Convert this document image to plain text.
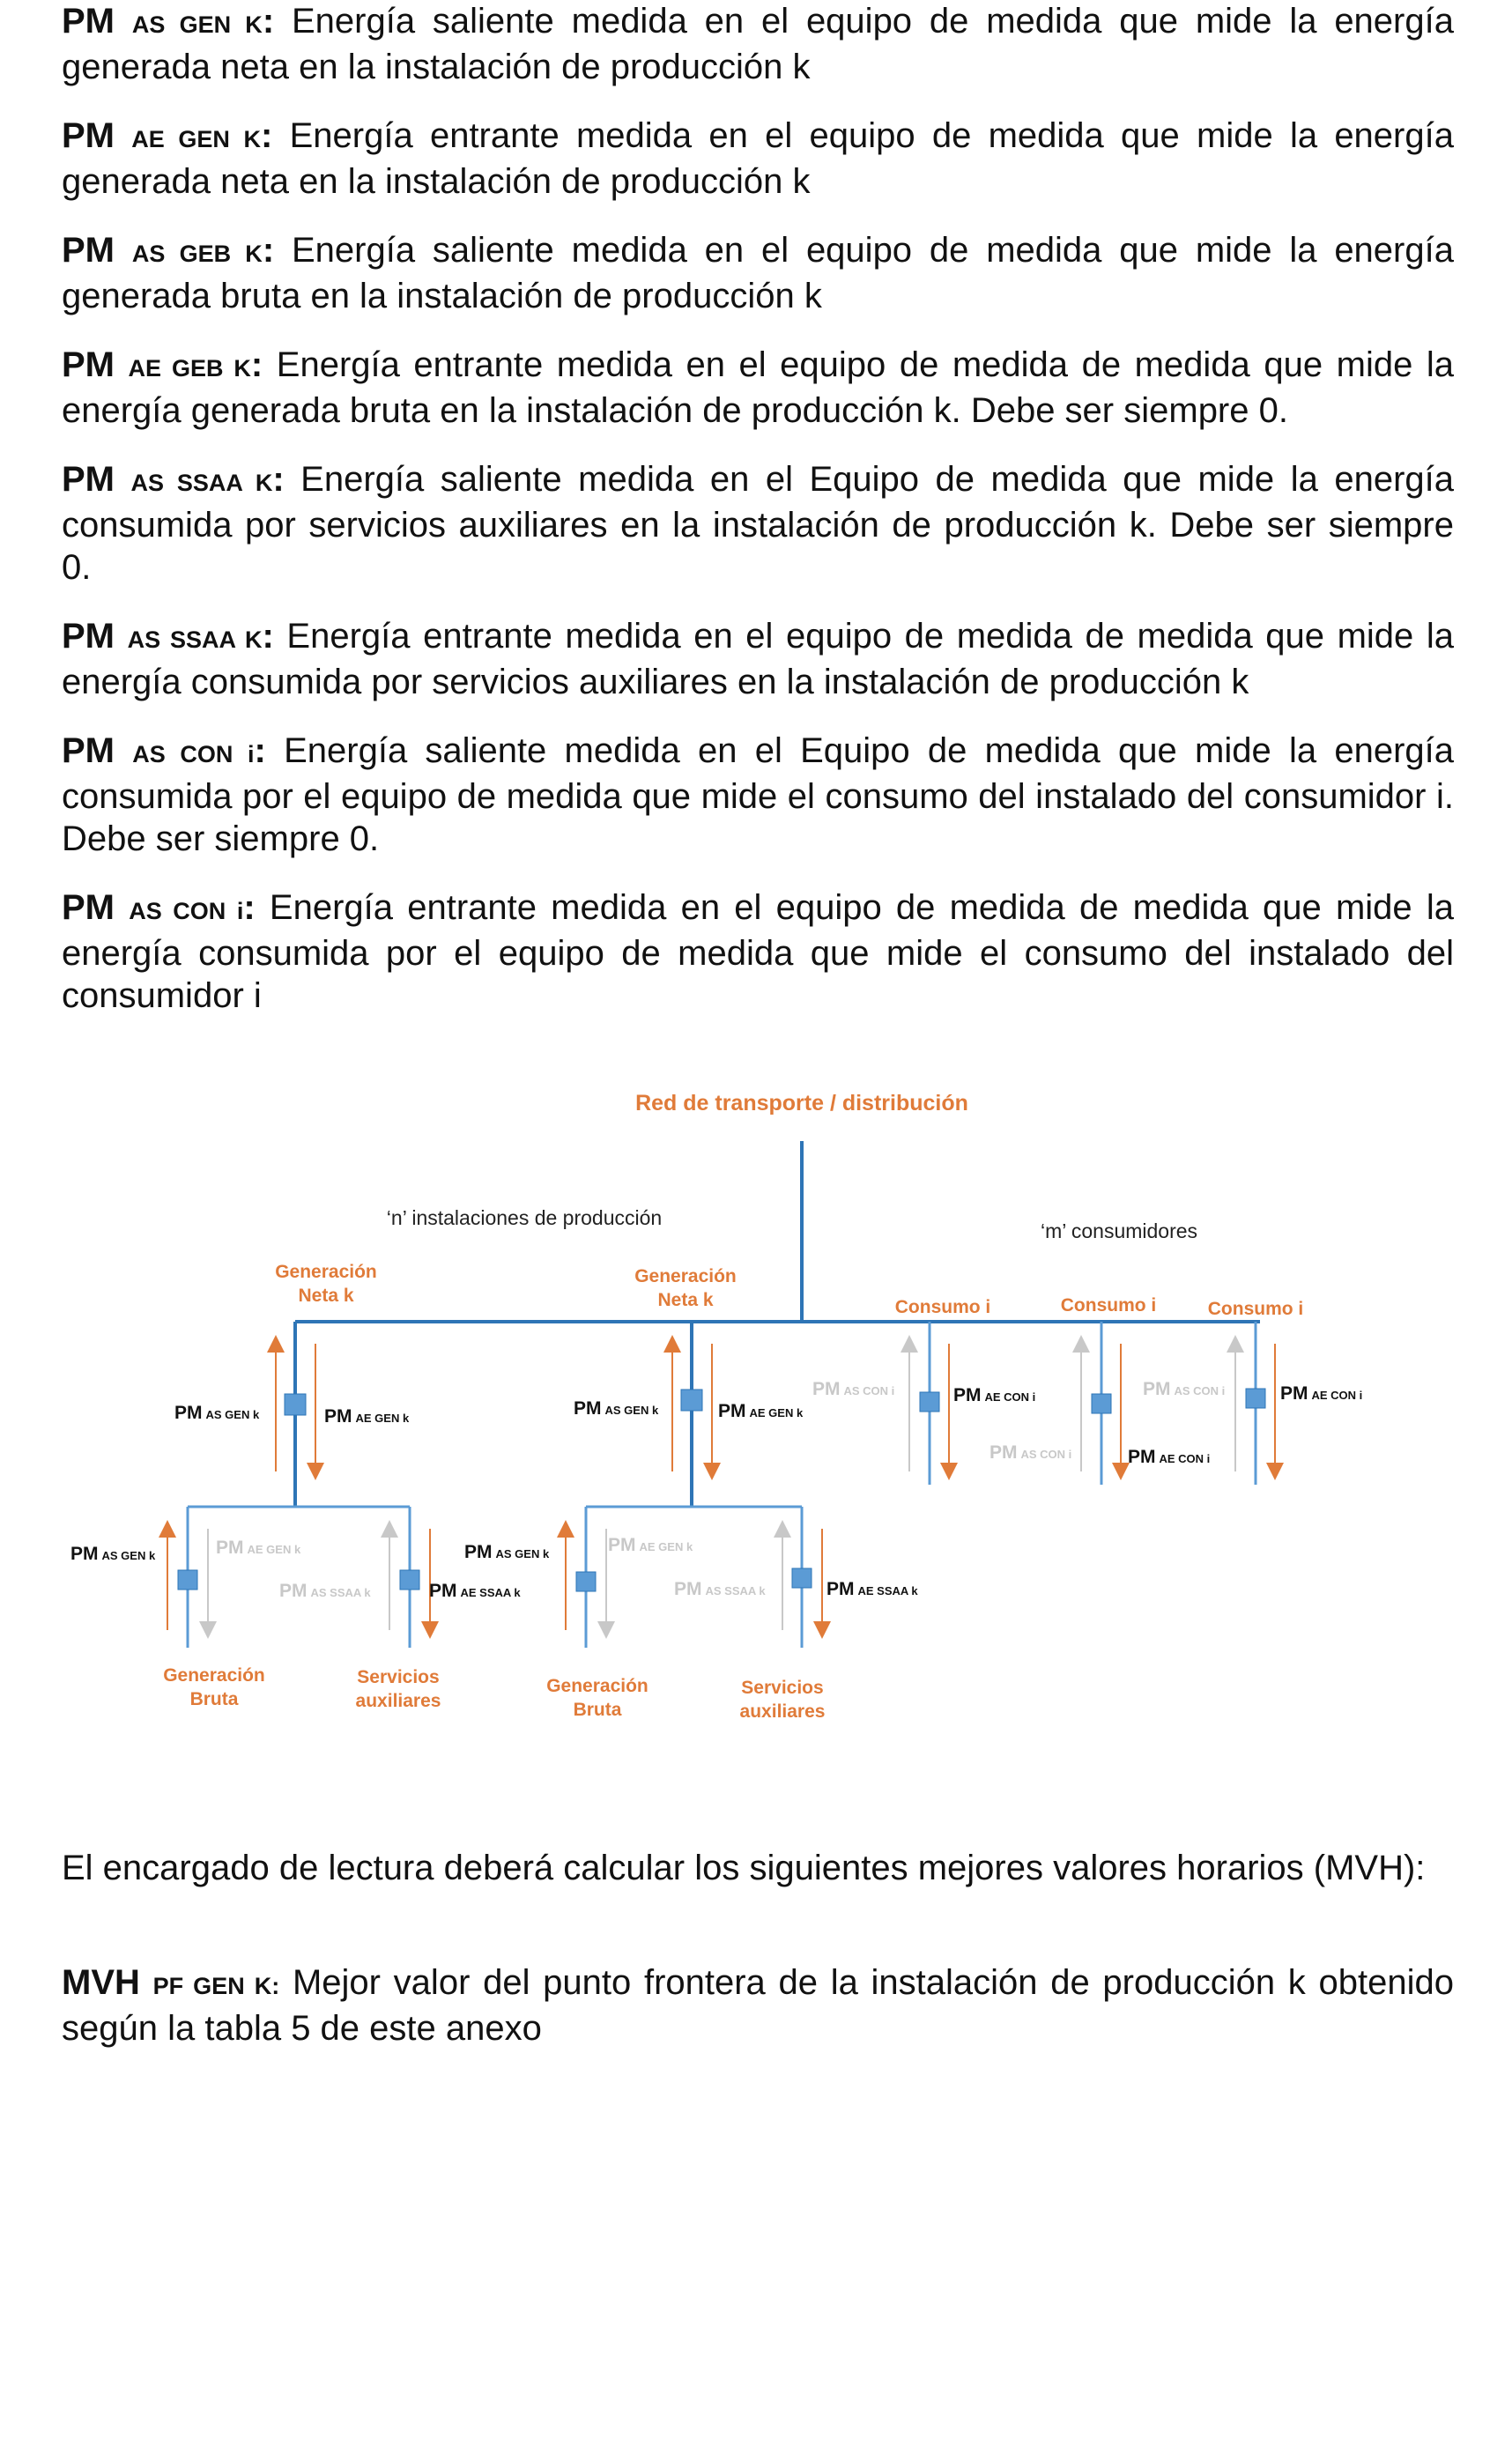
PM AS GEN K: Energía saliente medida en el equipo de medida que mide la energía generada neta en la instalación de producción k

PM AE GEN K: Energía entrante medida en el equipo de medida que mide la energía generada neta en la instalación de producción k

PM AS GEB K: Energía saliente medida en el equipo de medida que mide la energía generada bruta en la instalación de producción k

PM AE GEB K: Energía entrante medida en el equipo de medida de medida que mide la energía generada bruta en la instalación de producción k. Debe ser siempre 0.

PM AS SSAA K: Energía saliente medida en el Equipo de medida que mide la energía consumida por servicios auxiliares en la instalación de producción k. Debe ser siempre 0.

PM AS SSAA K: Energía entrante medida en el equipo de medida de medida que mide la energía consumida por servicios auxiliares en la instalación de producción k

PM AS CON i: Energía saliente medida en el Equipo de medida que mide la energía consumida por el equipo de medida que mide el consumo del instalado del consumidor i. Debe ser siempre 0.

PM AS CON i: Energía entrante medida en el equipo de medida de medida que mide la energía consumida por el equipo de medida que mide el consumo del instalado del consumidor i

Red de transporte / distribución
‘n’ instalaciones de producción
‘m’ consumidores
Generación
Neta k
Generación
Neta k	Consumo i	Consumo i	Consumo i
PM AS GEN k	PM AE GEN k	PM AS GEN k	PM AE GEN k
PM AS CON i	PM AE CON i
PM AS CON i	PM AE CON i
PM AS CON i	PM AE CON i
PM AS GEN k	PM AE GEN k
PM AS SSAA k	PM AE SSAA k
PM AS GEN k	PM AE GEN k
PM AS SSAA k	PM AE SSAA k
Generación
Bruta
Servicios
auxiliares
Generación
Bruta
Servicios
auxiliares

El encargado de lectura deberá calcular los siguientes mejores valores horarios (MVH):

MVH PF GEN K: Mejor valor del punto frontera de la instalación de producción k obtenido según la tabla 5 de este anexo
